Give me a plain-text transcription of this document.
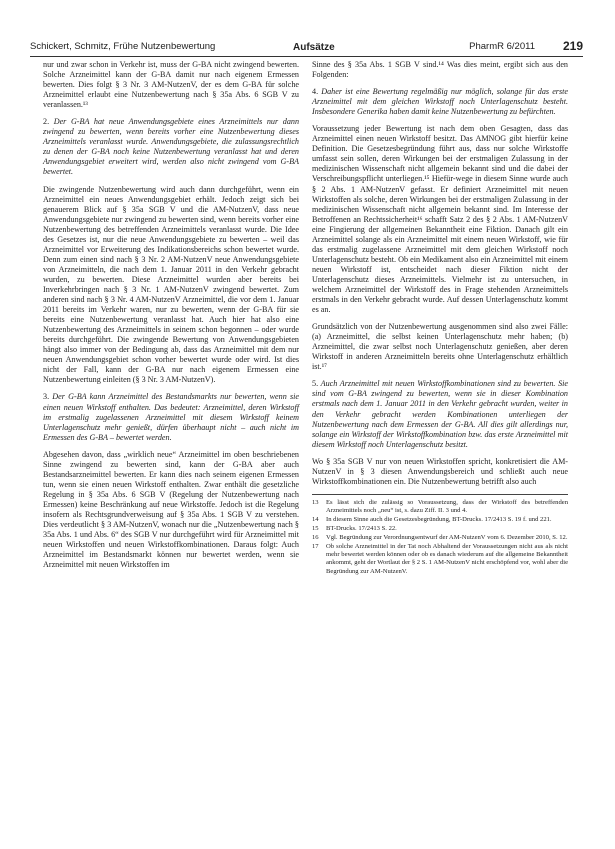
Schickert, Schmitz, Frühe Nutzenbewertung	Aufsätze	PharmR 6/2011 219

nur und zwar schon in Verkehr ist, muss der G-BA nicht zwingend bewerten. Solche Arzneimittel kann der G-BA damit nur nach eigenem Ermessen bewerten. Dies folgt § 3 Nr. 3 AM-NutzenV, der es dem G-BA für solche Arzneimittel erlaubt eine Nutzenbewertung nach § 35a Abs. 6 SGB V zu veranlassen.¹³

2. Der G-BA hat neue Anwendungsgebiete eines Arzneimittels nur dann zwingend zu bewerten, wenn bereits vorher eine Nutzenbewertung dieses Arzneimittels veranlasst wurde. Anwendungsgebiete, die zulassungsrechtlich zu denen der G-BA noch keine Nutzenbewertung veranlasst hat und deren Anwendungsgebiet erweitert wird, werden also nicht zwingend vom G-BA bewertet.

Die zwingende Nutzenbewertung wird auch dann durchgeführt, wenn ein Arzneimittel ein neues Anwendungsgebiet erhält. Jedoch zeigt sich bei genauerem Blick auf § 35a SGB V und die AM-NutzenV, dass neue Anwendungsgebiete nur zwingend zu bewerten sind, wenn bereits vorher eine Nutzenbewertung des betreffenden Arzneimittels veranlasst wurde. Die Idee des Gesetzes ist, nur die neue Anwendungsgebiete zu bewerten – weil das Arzneimittel vor Erweiterung des Indikationsbereichs schon bewertet wurde. Denn zum einen sind nach § 3 Nr. 2 AM-NutzenV neue Anwendungsgebiete von Arzneimitteln, die nach dem 1. Januar 2011 in den Verkehr gebracht wurden, zu bewerten. Diese Arzneimittel wurden aber bereits bei Inverkehrbringen nach § 3 Nr. 1 AM-NutzenV zwingend bewertet. Zum anderen sind nach § 3 Nr. 4 AM-NutzenV Arzneimittel, die vor dem 1. Januar 2011 bereits im Verkehr waren, nur zu bewerten, wenn der G-BA für sie bereits eine Nutzenbewertung veranlasst hat. Auch hier hat also eine Nutzenbewertung des Arzneimittels in seinem schon begonnen – oder wurde bereits durchgeführt. Die zwingende Bewertung von Anwendungsgebieten hängt also immer von der Bedingung ab, dass das Arzneimittel mit dem nur neuen Anwendungsgebiet schon vorher bewertet wurde oder wird. Ist dies nicht der Fall, kann der G-BA nur nach eigenem Ermessen eine Nutzenbewertung einleiten (§ 3 Nr. 3 AM-NutzenV).

3. Der G-BA kann Arzneimittel des Bestandsmarkts nur bewerten, wenn sie einen neuen Wirkstoff enthalten. Das bedeutet: Arzneimittel, deren Wirkstoff im erstmalig zugelassenen Arzneimittel mit diesem Wirkstoff keinem Unterlagenschutz mehr genießt, dürfen überhaupt nicht – auch nicht im Ermessen des G-BA – bewertet werden.

Abgesehen davon, dass „wirklich neue“ Arzneimittel im oben beschriebenen Sinne zwingend zu bewerten sind, kann der G-BA aber auch Bestandsarzneimittel bewerten. Er kann dies nach seinem eigenen Ermessen tun, wenn sie einen neuen Wirkstoff enthalten. Zwar enthält die gesetzliche Regelung in § 35a Abs. 6 SGB V (Regelung der Nutzenbewertung nach Ermessen) keine Beschränkung auf neue Wirkstoffe. Jedoch ist die Regelung insofern als Rechtsgrundverweisung auf § 35a Abs. 1 SGB V zu verstehen. Dies verdeutlicht § 3 AM-NutzenV, wonach nur die „Nutzenbewertung nach § 35a Abs. 1 und Abs. 6“ des SGB V nur durchgeführt wird für Arzneimittel mit neuen Wirkstoffen und neuen Wirkstoffkombinationen. Daraus folgt: Auch Arzneimittel im Bestandsmarkt können nur bewertet werden, wenn sie Arzneimittel mit neuen Wirkstoffen im

Sinne des § 35a Abs. 1 SGB V sind.¹⁴ Was dies meint, ergibt sich aus den Folgenden:

4. Daher ist eine Bewertung regelmäßig nur möglich, solange für das erste Arzneimittel mit dem gleichen Wirkstoff noch Unterlagenschutz besteht. Insbesondere Generika haben damit keine Nutzenbewertung zu befürchten.

Voraussetzung jeder Bewertung ist nach dem oben Gesagten, dass das Arzneimittel einen neuen Wirkstoff besitzt. Das AMNOG gibt hierfür keine Definition. Die Gesetzesbegründung führt aus, dass nur solche Wirkstoffe umfasst sein sollen, deren Wirkungen bei der erstmaligen Zulassung in der medizinischen Wissenschaft nicht allgemein bekannt sind und die dabei der Verschreibungspflicht unterliegen.¹⁵ Hiefür-wege in diesem Sinne wurde auch § 2 Abs. 1 AM-NutzenV gefasst. Er definiert Arzneimittel mit neuen Wirkstoffen als solche, deren Wirkungen bei der erstmaligen Zulassung in der medizinischen Wissenschaft nicht allgemein bekannt sind. Im Interesse der Betroffenen an Rechtssicherheit¹⁶ schafft Satz 2 des § 2 Abs. 1 AM-NutzenV eine Fingierung der allgemeinen Bekanntheit eine Fiktion. Danach gilt ein Arzneimittel solange als ein Arzneimittel mit einem neuen Wirkstoff, wie für das erstmalig zugelassene Arzneimittel mit dem gleichen Wirkstoff noch Unterlagenschutz besteht. Ob ein Medikament also ein Arzneimittel mit einem neuen Wirkstoff ist, entscheidet nach dieser Fiktion nicht der Unterlagenschutz dieses Arzneimittels. Vielmehr ist zu untersuchen, in welchem Arzneimittel der Wirkstoff des in Frage stehenden Arzneimittels erstmals in den Verkehr gebracht wurde. Auf dessen Unterlagenschutz kommt es an.

Grundsätzlich von der Nutzenbewertung ausgenommen sind also zwei Fälle: (a) Arzneimittel, die selbst keinen Unterlagenschutz mehr haben; (b) Arzneimittel, die zwar selbst noch Unterlagenschutz genießen, aber deren Wirkstoff in anderen Arzneimitteln bereits ohne Unterlagenschutz erhältlich ist.¹⁷

5. Auch Arzneimittel mit neuen Wirkstoffkombinationen sind zu bewerten. Sie sind vom G-BA zwingend zu bewerten, wenn sie in dieser Kombination erstmals nach dem 1. Januar 2011 in den Verkehr gebracht wurden, weiter in den Verkehr gebracht werden Kombinationen unterliegen der Nutzenbewertung nach dem Ermessen der G-BA. All dies gilt allerdings nur, solange ein Wirkstoff der Wirkstoffkombination bzw. das erste Arzneimittel mit diesem Wirkstoff noch Unterlagenschutz besitzt.

Wo § 35a SGB V nur von neuen Wirkstoffen spricht, konkretisiert die AM-NutzenV in § 3 diesen Anwendungsbereich und schließt auch neue Wirkstoffkombinationen ein. Die Nutzenbewertung betrifft also auch

13	Es lässt sich die zulässig so Voraussetzung, dass der Wirkstoff des betreffenden Arzneimittels noch „neu“ ist, s. dazu Ziff. II. 3 und 4.
14	In diesem Sinne auch die Gesetzesbegründung, BT-Drucks. 17/2413 S. 19 f. und 221.
15	BT-Drucks. 17/2413 S. 22.
16	Vgl. Begründung zur Verordnungsentwurf der AM-NutzenV vom 6. Dezember 2010, S. 12.
17	Ob solche Arzneimittel in der Tat noch Abhaltend der Voraussetzungen nicht aus als nicht mehr bewertet werden können oder ob es danach wiederum auf die allgemeine Bekanntheit ankommt, geht der Wortlaut der § 2 S. 1 AM-NutzenV nicht erschöpfend vor, wohl aber die Begründung zur AM-NutzenV.
